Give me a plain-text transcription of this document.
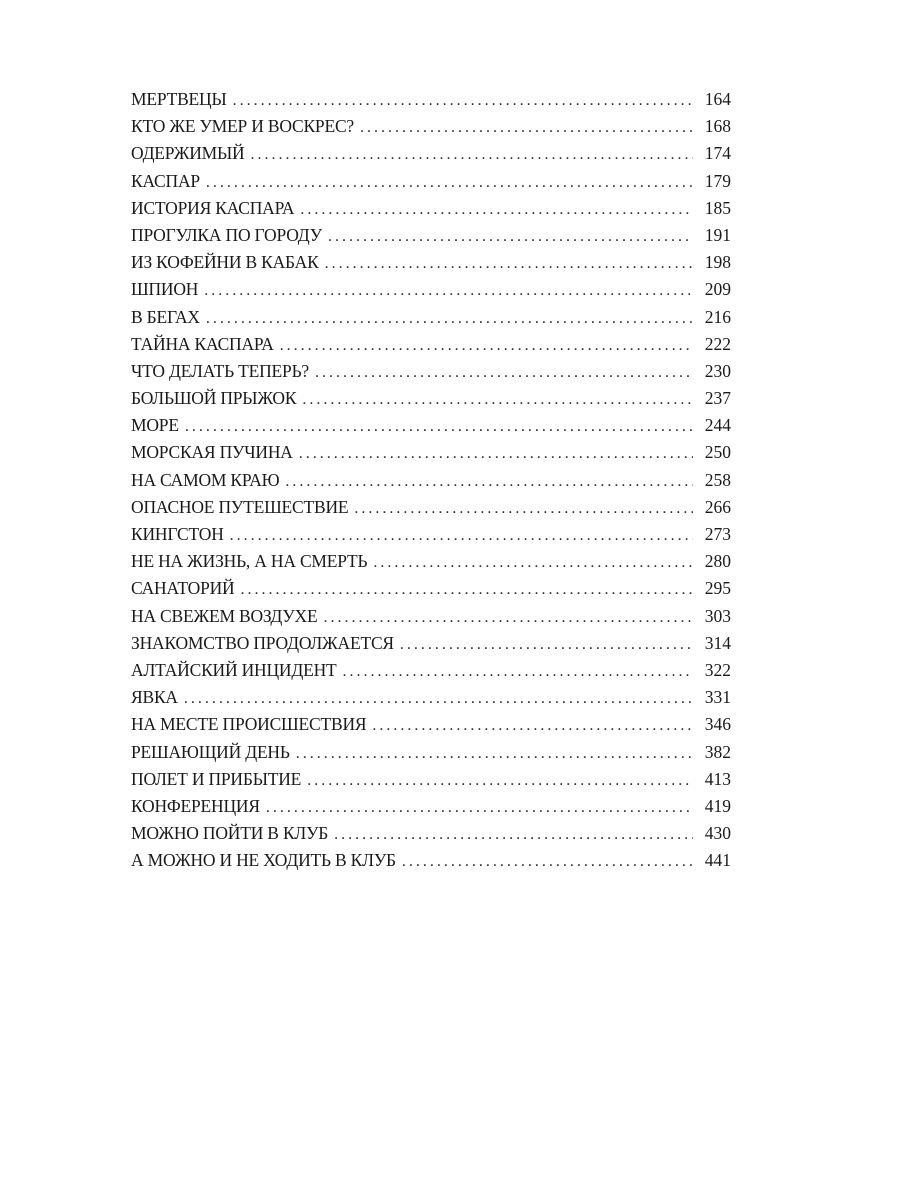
МЕРТВЕЦЫ . . .	164
КТО ЖЕ УМЕР И ВОСКРЕС? . . .	168
ОДЕРЖИМЫЙ . . .	174
КАСПАР . . .	179
ИСТОРИЯ КАСПАРА . . .	185
ПРОГУЛКА ПО ГОРОДУ . . .	191
ИЗ КОФЕЙНИ В КАБАК . . .	198
ШПИОН . . .	209
В БЕГАХ . . .	216
ТАЙНА КАСПАРА . . .	222
ЧТО ДЕЛАТЬ ТЕПЕРЬ? . . .	230
БОЛЬШОЙ ПРЫЖОК . . .	237
МОРЕ . . .	244
МОРСКАЯ ПУЧИНА . . .	250
НА САМОМ КРАЮ . . .	258
ОПАСНОЕ ПУТЕШЕСТВИЕ . . .	266
КИНГСТОН . . .	273
НЕ НА ЖИЗНЬ, А НА СМЕРТЬ . . .	280
САНАТОРИЙ . . .	295
НА СВЕЖЕМ ВОЗДУХЕ . . .	303
ЗНАКОМСТВО ПРОДОЛЖАЕТСЯ . . .	314
АЛТАЙСКИЙ ИНЦИДЕНТ . . .	322
ЯВКА . . .	331
НА МЕСТЕ ПРОИСШЕСТВИЯ . . .	346
РЕШАЮЩИЙ ДЕНЬ . . .	382
ПОЛЕТ И ПРИБЫТИЕ . . .	413
КОНФЕРЕНЦИЯ . . .	419
МОЖНО ПОЙТИ В КЛУБ . . .	430
А МОЖНО И НЕ ХОДИТЬ В КЛУБ . . .	441
